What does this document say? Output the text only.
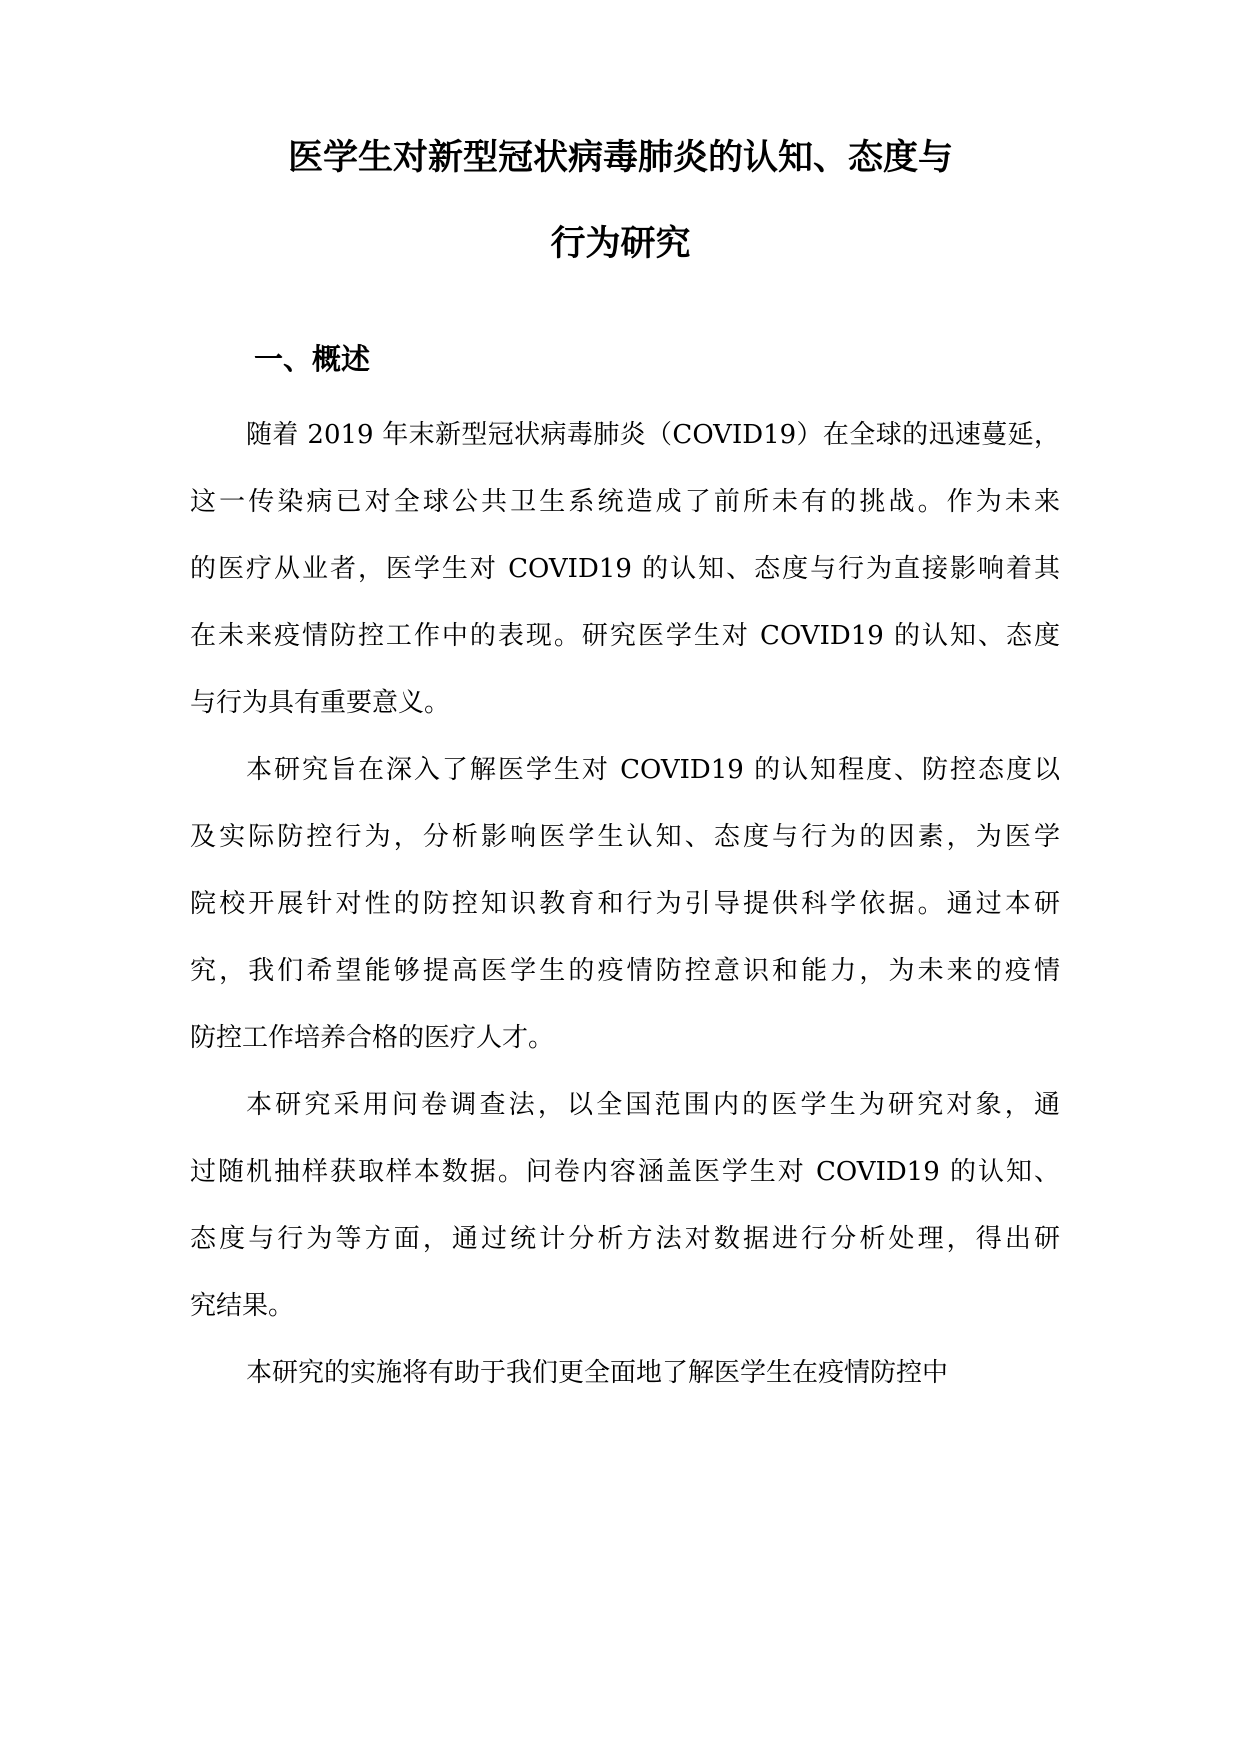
医学生对新型冠状病毒肺炎的认知、态度与
行为研究
一、概述
随着 2019 年末新型冠状病毒肺炎（COVID19）在全球的迅速蔓延，
这一传染病已对全球公共卫生系统造成了前所未有的挑战。作为未来
的医疗从业者，医学生对 COVID19 的认知、态度与行为直接影响着其
在未来疫情防控工作中的表现。研究医学生对 COVID19 的认知、态度
与行为具有重要意义。
本研究旨在深入了解医学生对 COVID19 的认知程度、防控态度以
及实际防控行为，分析影响医学生认知、态度与行为的因素，为医学
院校开展针对性的防控知识教育和行为引导提供科学依据。通过本研
究，我们希望能够提高医学生的疫情防控意识和能力，为未来的疫情
防控工作培养合格的医疗人才。
本研究采用问卷调查法，以全国范围内的医学生为研究对象，通
过随机抽样获取样本数据。问卷内容涵盖医学生对 COVID19 的认知、
态度与行为等方面，通过统计分析方法对数据进行分析处理，得出研
究结果。
本研究的实施将有助于我们更全面地了解医学生在疫情防控中
